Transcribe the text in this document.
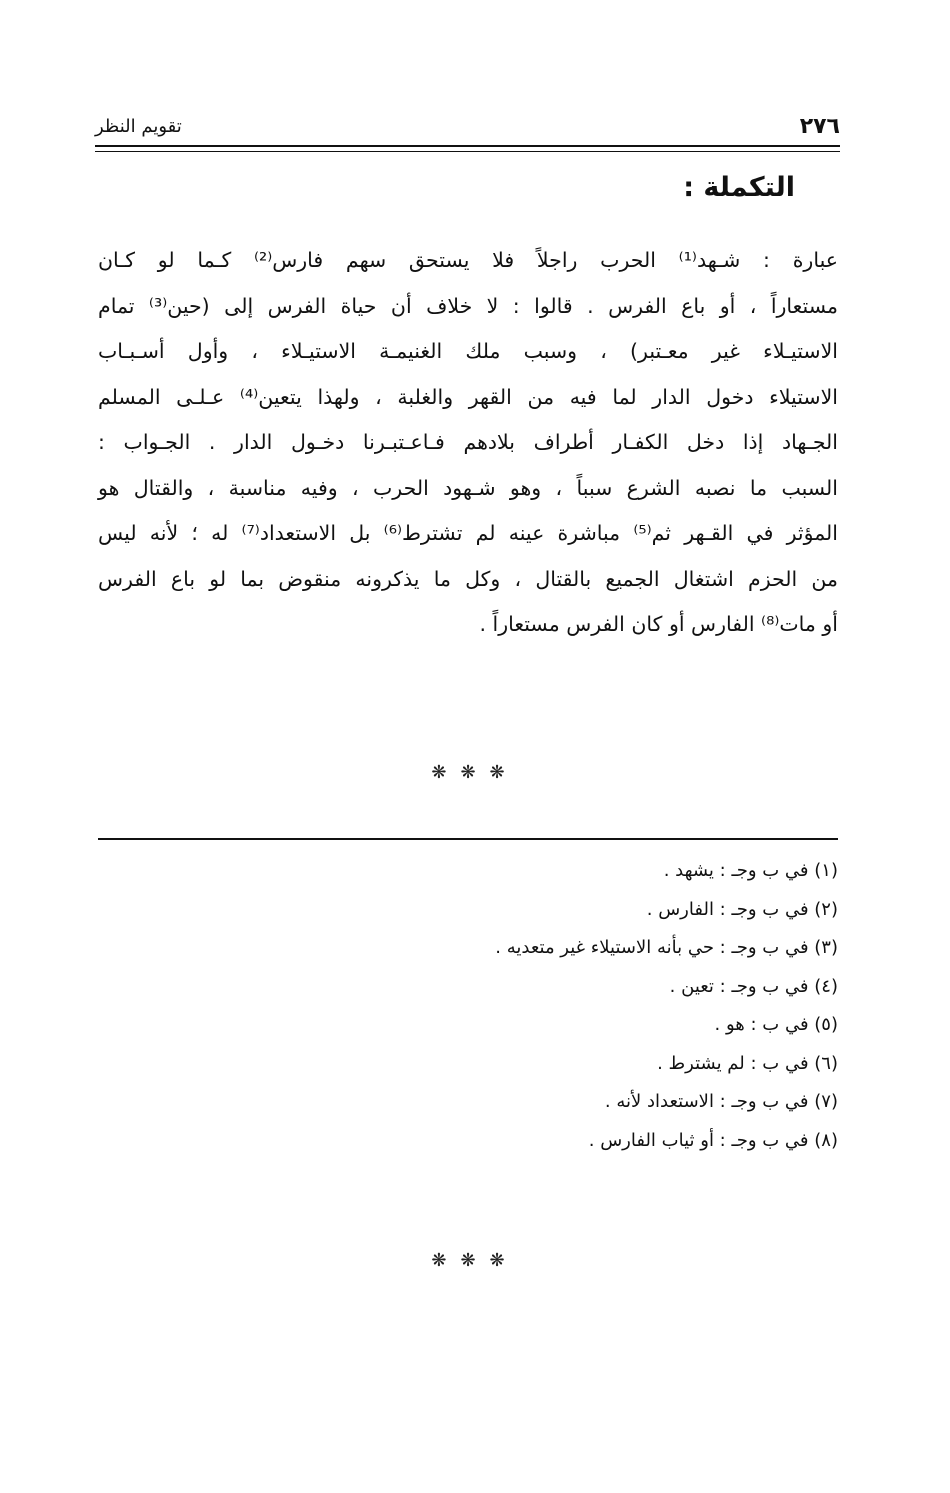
٢٧٦
تقويم النظر
التكملة :
عبارة : شـهد⁽¹⁾ الحرب راجلاً فلا يستحق سهم فارس⁽²⁾ كـما لو كـان
مستعاراً ، أو باع الفرس . قالوا : لا خلاف أن حياة الفرس إلى (حين⁽³⁾ تمام
الاستيـلاء غير معـتبر) ، وسبب ملك الغنيمـة الاستيـلاء ، وأول أسـبـاب
الاستيلاء دخول الدار لما فيه من القهر والغلبة ، ولهذا يتعين⁽⁴⁾ عـلـى المسلم
الجـهاد إذا دخل الكفـار أطراف بلادهم فـاعـتبـرنا دخـول الدار . الجـواب :
السبب ما نصبه الشرع سبباً ، وهو شـهود الحرب ، وفيه مناسبة ، والقتال هو
المؤثر في القـهر ثم⁽⁵⁾ مباشرة عينه لم تشترط⁽⁶⁾ بل الاستعداد⁽⁷⁾ له ؛ لأنه ليس
من الحزم اشتغال الجميع بالقتال ، وكل ما يذكرونه منقوض بما لو باع الفرس
أو مات⁽⁸⁾ الفارس أو كان الفرس مستعاراً .
❋❋❋
(١) في ب وجـ : يشهد .
(٢) في ب وجـ : الفارس .
(٣) في ب وجـ : حي بأنه الاستيلاء غير متعديه .
(٤) في ب وجـ : تعين .
(٥) في ب : هو .
(٦) في ب : لم يشترط .
(٧) في ب وجـ : الاستعداد لأنه .
(٨) في ب وجـ : أو ثياب الفارس .
❋❋❋
